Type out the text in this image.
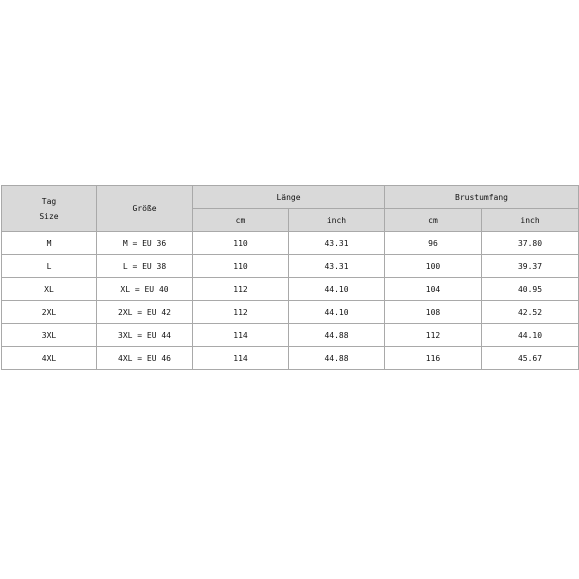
Tag
Size	Größe	Länge		Brustumfang	
		cm	inch	cm	inch
M	M = EU 36	110	43.31	96	37.80
L	L = EU 38	110	43.31	100	39.37
XL	XL = EU 40	112	44.10	104	40.95
2XL	2XL = EU 42	112	44.10	108	42.52
3XL	3XL = EU 44	114	44.88	112	44.10
4XL	4XL = EU 46	114	44.88	116	45.67
